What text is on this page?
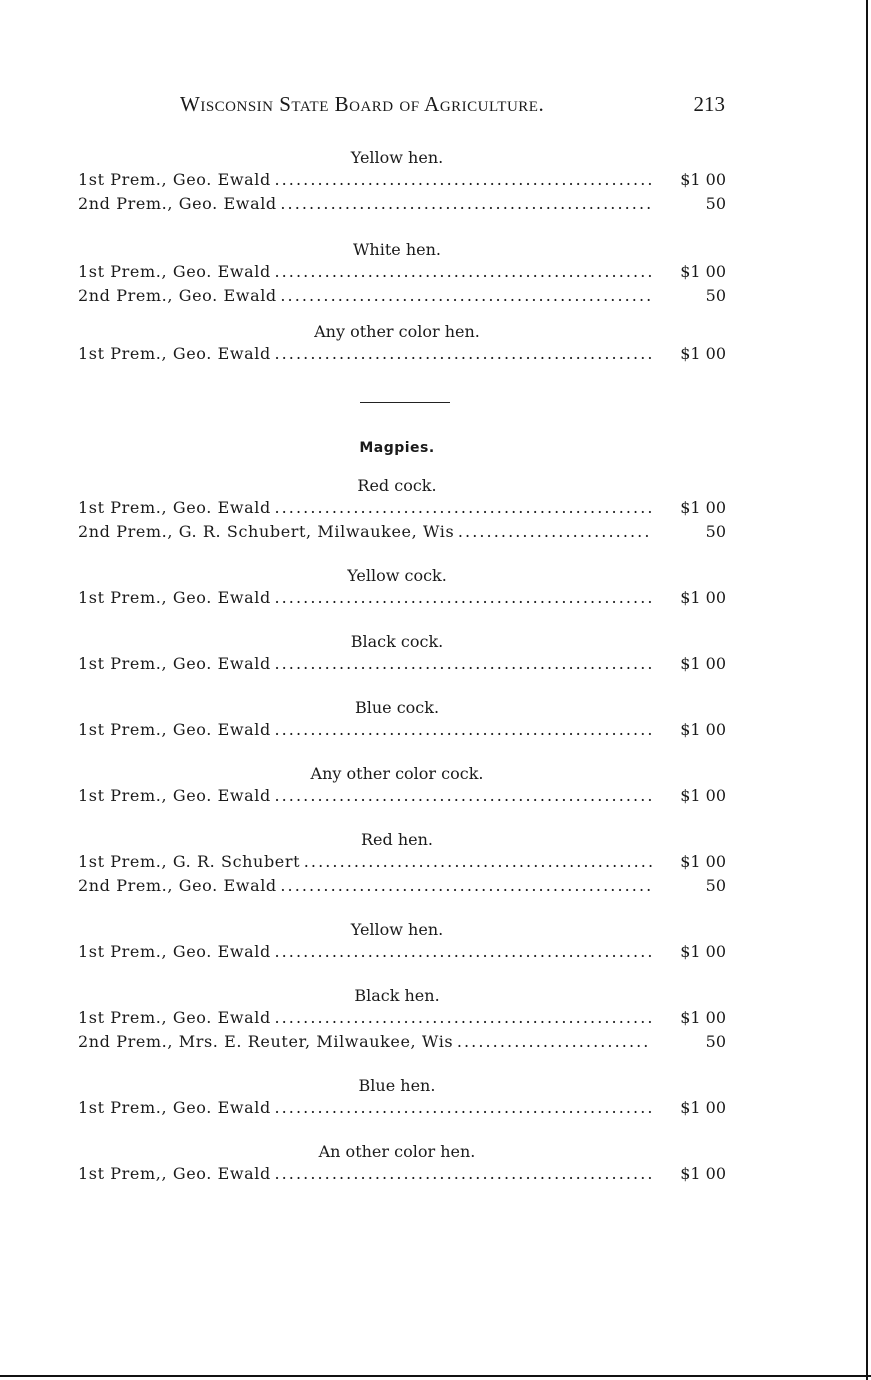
Wisconsin State Board of Agriculture.	213
Yellow hen.
1st Prem., Geo. Ewald . . .	$1 00
2nd Prem., Geo. Ewald . . .	50
White hen.
1st Prem., Geo. Ewald . . .	$1 00
2nd Prem., Geo. Ewald . . .	50
Any other color hen.
1st Prem., Geo. Ewald . . .	$1 00
Magpies.
Red cock.
1st Prem., Geo. Ewald . . .	$1 00
2nd Prem., G. R. Schubert, Milwaukee, Wis . . .	50
Yellow cock.
1st Prem., Geo. Ewald . . .	$1 00
Black cock.
1st Prem., Geo. Ewald . . .	$1 00
Blue cock.
1st Prem., Geo. Ewald . . .	$1 00
Any other color cock.
1st Prem., Geo. Ewald . . .	$1 00
Red hen.
1st Prem., G. R. Schubert . . .	$1 00
2nd Prem., Geo. Ewald . . .	50
Yellow hen.
1st Prem., Geo. Ewald . . .	$1 00
Black hen.
1st Prem., Geo. Ewald . . .	$1 00
2nd Prem., Mrs. E. Reuter, Milwaukee, Wis . . .	50
Blue hen.
1st Prem., Geo. Ewald . . .	$1 00
An other color hen.
1st Prem,, Geo. Ewald . . .	$1 00
